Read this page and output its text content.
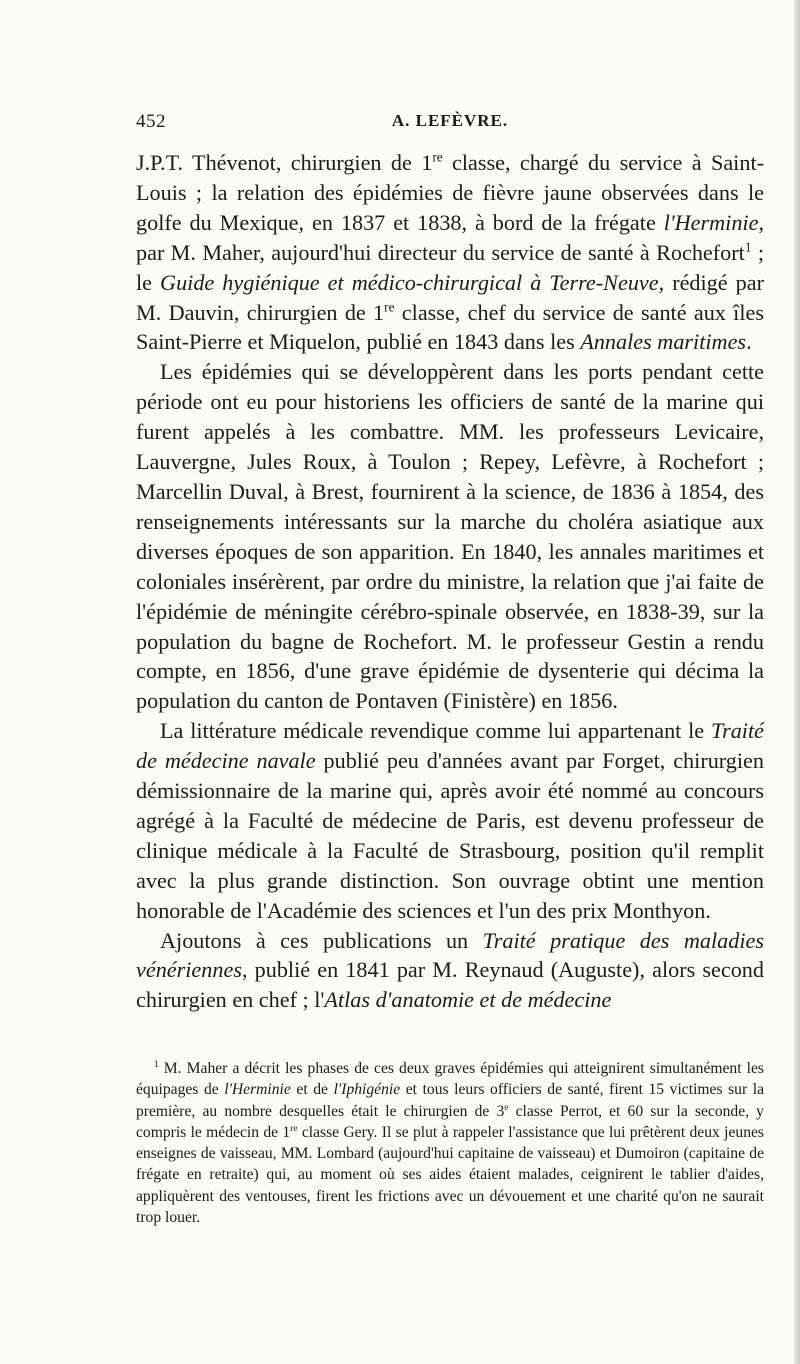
452	A. LEFÈVRE.

J.P.T. Thévenot, chirurgien de 1re classe, chargé du service à Saint-Louis ; la relation des épidémies de fièvre jaune observées dans le golfe du Mexique, en 1837 et 1838, à bord de la frégate l'Herminie, par M. Maher, aujourd'hui directeur du service de santé à Rochefort$^1$ ; le Guide hygiénique et médico-chirurgical à Terre-Neuve, rédigé par M. Dauvin, chirurgien de 1re classe, chef du service de santé aux îles Saint-Pierre et Miquelon, publié en 1843 dans les Annales maritimes.

Les épidémies qui se développèrent dans les ports pendant cette période ont eu pour historiens les officiers de santé de la marine qui furent appelés à les combattre. MM. les professeurs Levicaire, Lauvergne, Jules Roux, à Toulon ; Repey, Lefèvre, à Rochefort ; Marcellin Duval, à Brest, fournirent à la science, de 1836 à 1854, des renseignements intéressants sur la marche du choléra asiatique aux diverses époques de son apparition. En 1840, les annales maritimes et coloniales insérèrent, par ordre du ministre, la relation que j'ai faite de l'épidémie de méningite cérébro-spinale observée, en 1838-39, sur la population du bagne de Rochefort. M. le professeur Gestin a rendu compte, en 1856, d'une grave épidémie de dysenterie qui décima la population du canton de Pontaven (Finistère) en 1856.

La littérature médicale revendique comme lui appartenant le Traité de médecine navale publié peu d'années avant par Forget, chirurgien démissionnaire de la marine qui, après avoir été nommé au concours agrégé à la Faculté de médecine de Paris, est devenu professeur de clinique médicale à la Faculté de Strasbourg, position qu'il remplit avec la plus grande distinction. Son ouvrage obtint une mention honorable de l'Académie des sciences et l'un des prix Monthyon.

Ajoutons à ces publications un Traité pratique des maladies vénériennes, publié en 1841 par M. Reynaud (Auguste), alors second chirurgien en chef ; l'Atlas d'anatomie et de médecine

$^1$ M. Maher a décrit les phases de ces deux graves épidémies qui atteignirent simultanément les équipages de l'Herminie et de l'Iphigénie et tous leurs officiers de santé, firent 15 victimes sur la première, au nombre desquelles était le chirurgien de 3e classe Perrot, et 60 sur la seconde, y compris le médecin de 1re classe Gery. Il se plut à rappeler l'assistance que lui prêtèrent deux jeunes enseignes de vaisseau, MM. Lombard (aujourd'hui capitaine de vaisseau) et Dumoiron (capitaine de frégate en retraite) qui, au moment où ses aides étaient malades, ceignirent le tablier d'aides, appliquèrent des ventouses, firent les frictions avec un dévouement et une charité qu'on ne saurait trop louer.
